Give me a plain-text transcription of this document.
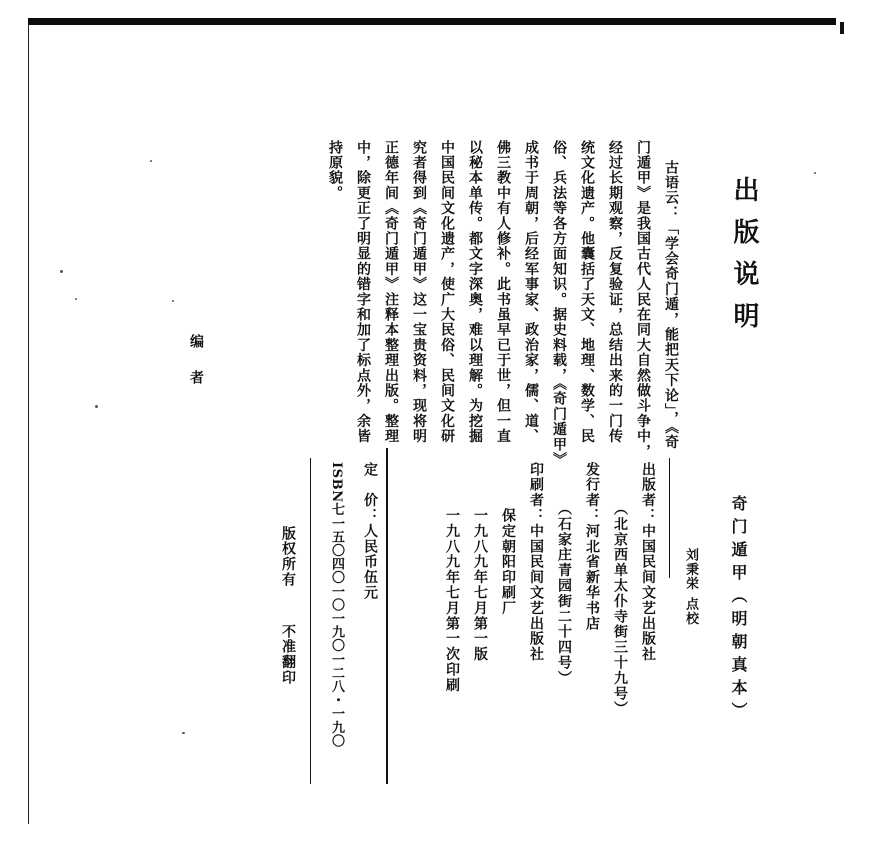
出版说明
古语云：「学会奇门遁，能把天下论」，《奇
门遁甲》是我国古代人民在同大自然做斗争中，
经过长期观察，反复验证，总结出来的一门传
统文化遗产。他囊括了天文、地理、数学、民
俗、兵法等各方面知识。据史料载，《奇门遁甲》
成书于周朝，后经军事家、政治家，儒、道、
佛三教中有人修补。此书虽早已于世，但一直
以秘本单传。都文字深奥，难以理解。为挖掘
中国民间文化遗产，使广大民俗、民间文化研
究者得到《奇门遁甲》这一宝贵资料，现将明
正德年间《奇门遁甲》注释本整理出版。整理
中，除更正了明显的错字和加了标点外，余皆
持原貌。
编者
奇门遁甲（明朝真本）
刘秉栄 点校
出版者：中国民间文艺出版社
　　　（北京西单太仆寺街三十九号）
发行者：河北省新华书店
　　　（石家庄青园街二十四号）
印刷者：中国民间文艺出版社
　　　保定朝阳印刷厂
　　　一九八九年七月第一版
　　　一九八九年七月第一次印刷
定　价：人民币伍元
ISBN七一五〇四〇一〇一九〇一二八・一九〇
版权所有
不准翻印
